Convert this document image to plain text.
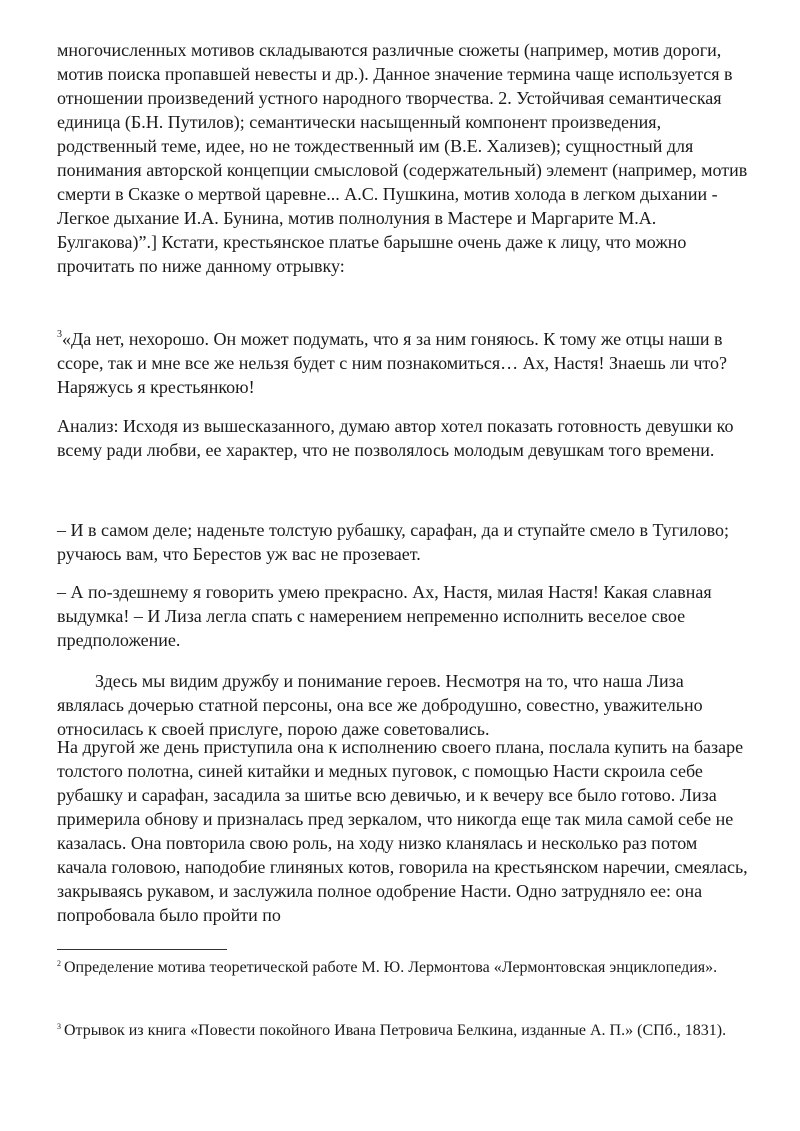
многочисленных мотивов складываются различные сюжеты (например, мотив дороги, мотив поиска пропавшей невесты и др.). Данное значение термина чаще используется в отношении произведений устного народного творчества. 2. Устойчивая семантическая единица (Б.Н. Путилов); семантически насыщенный компонент произведения, родственный теме, идее, но не тождественный им (В.Е. Хализев); сущностный для понимания авторской концепции смысловой (содержательный) элемент (например, мотив смерти в Сказке о мертвой царевне... А.С. Пушкина, мотив холода в легком дыхании - Легкое дыхание И.А. Бунина, мотив полнолуния в Мастере и Маргарите М.А. Булгакова)”.] Кстати, крестьянское платье барышне очень даже к лицу, что можно прочитать по ниже данному отрывку:

$^3$«Да нет, нехорошо. Он может подумать, что я за ним гоняюсь. К тому же отцы наши в ссоре, так и мне все же нельзя будет с ним познакомиться… Ах, Настя! Знаешь ли что? Наряжусь я крестьянкою!

Анализ: Исходя из вышесказанного, думаю автор хотел показать готовность девушки ко всему ради любви, ее характер, что не позволялось молодым девушкам того времени.

– И в самом деле; наденьте толстую рубашку, сарафан, да и ступайте смело в Тугилово; ручаюсь вам, что Берестов уж вас не прозевает.

– А по-здешнему я говорить умею прекрасно. Ах, Настя, милая Настя! Какая славная выдумка! – И Лиза легла спать с намерением непременно исполнить веселое свое предположение.

Здесь мы видим дружбу и понимание героев. Несмотря на то, что наша Лиза являлась дочерью статной персоны, она все же добродушно, совестно, уважительно относилась к своей прислуге, порою даже советовались.

На другой же день приступила она к исполнению своего плана, послала купить на базаре толстого полотна, синей китайки и медных пуговок, с помощью Насти скроила себе рубашку и сарафан, засадила за шитье всю девичью, и к вечеру все было готово. Лиза примерила обнову и призналась пред зеркалом, что никогда еще так мила самой себе не казалась. Она повторила свою роль, на ходу низко кланялась и несколько раз потом качала головою, наподобие глиняных котов, говорила на крестьянском наречии, смеялась, закрываясь рукавом, и заслужила полное одобрение Насти. Одно затрудняло ее: она попробовала было пройти по

$^2$ Определение мотива теоретической работе М. Ю. Лермонтова «Лермонтовская энциклопедия».

$^3$ Отрывок из книга «Повести покойного Ивана Петровича Белкина, изданные А. П.» (СПб., 1831).
